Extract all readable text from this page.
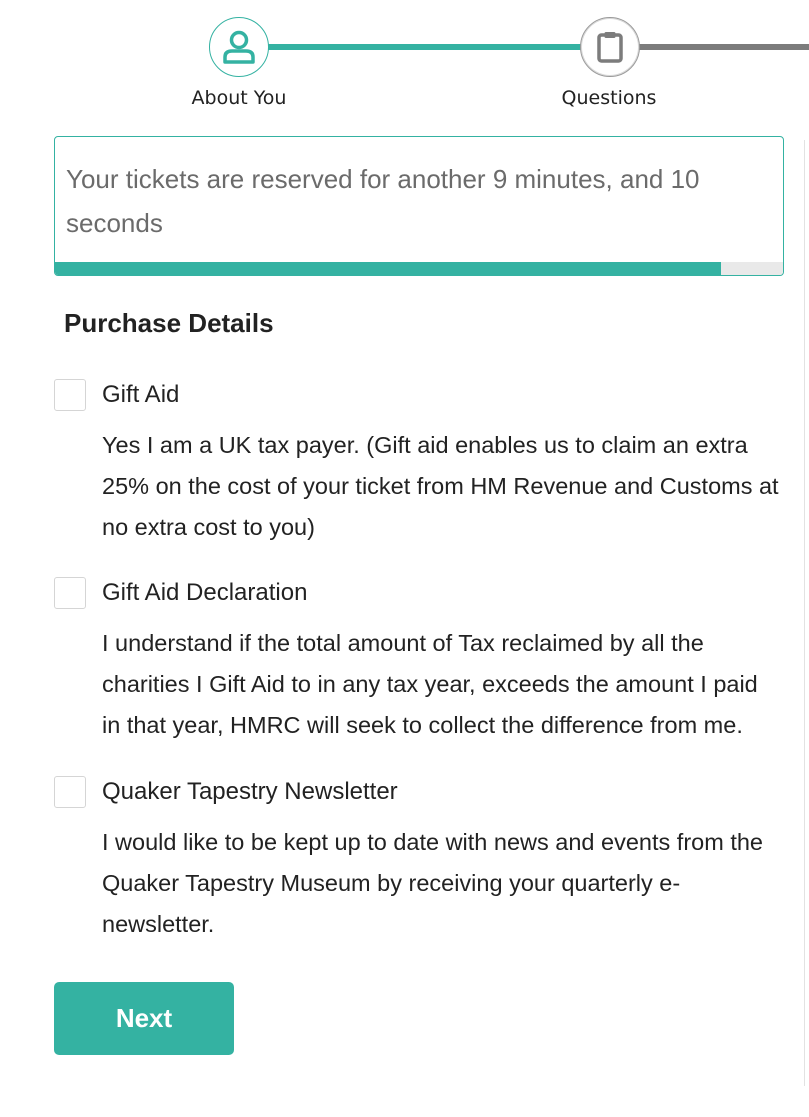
About You	Questions
Your tickets are reserved for another 9 minutes, and 10 seconds
Purchase Details
Gift Aid
Yes I am a UK tax payer. (Gift aid enables us to claim an extra 25% on the cost of your ticket from HM Revenue and Customs at no extra cost to you)
Gift Aid Declaration
I understand if the total amount of Tax reclaimed by all the charities I Gift Aid to in any tax year, exceeds the amount I paid in that year, HMRC will seek to collect the difference from me.
Quaker Tapestry Newsletter
I would like to be kept up to date with news and events from the Quaker Tapestry Museum by receiving your quarterly e-newsletter.
Next
